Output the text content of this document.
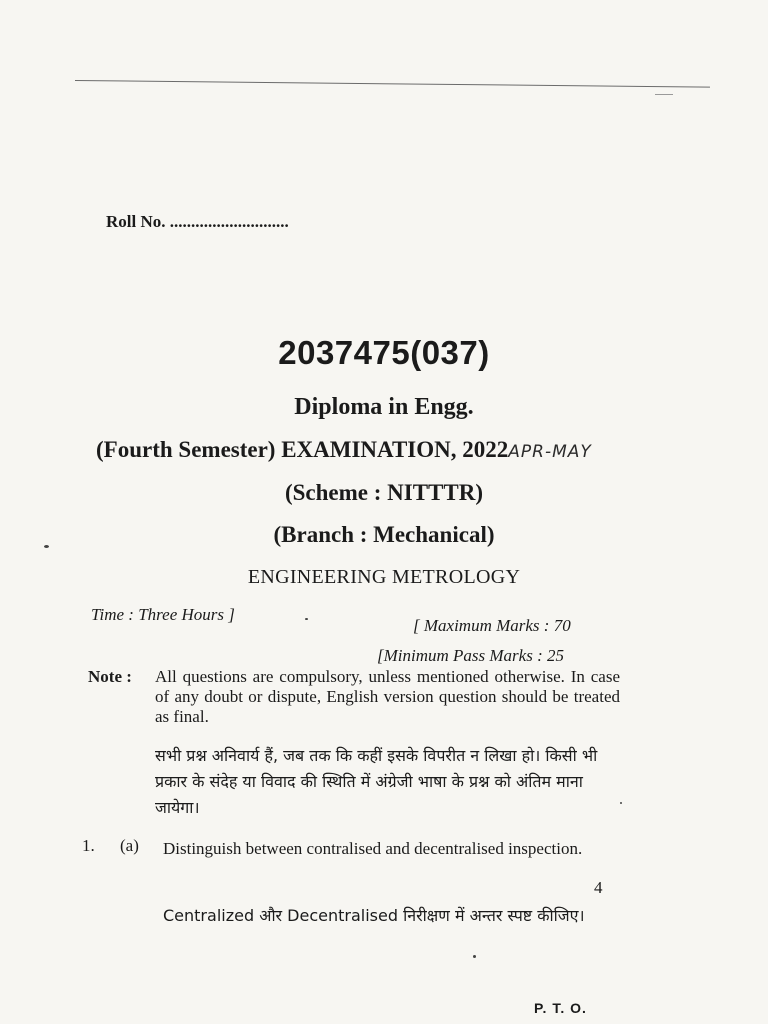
Roll No. ............................
2037475(037)
Diploma in Engg.
(Fourth Semester) EXAMINATION, 2022APR-MAY
(Scheme : NITTTR)
(Branch : Mechanical)
ENGINEERING METROLOGY
Time : Three Hours ]
[ Maximum Marks : 70
[Minimum Pass Marks : 25
Note : All questions are compulsory, unless mentioned otherwise. In case of any doubt or dispute, English version question should be treated as final.
सभी प्रश्न अनिवार्य हैं, जब तक कि कहीं इसके विपरीत न लिखा हो। किसी भी प्रकार के संदेह या विवाद की स्थिति में अंग्रेजी भाषा के प्रश्न को अंतिम माना जायेगा।
1. (a) Distinguish between contralised and decentralised inspection.
4
Centralized और Decentralised निरीक्षण में अन्तर स्पष्ट कीजिए।
P. T. O.
